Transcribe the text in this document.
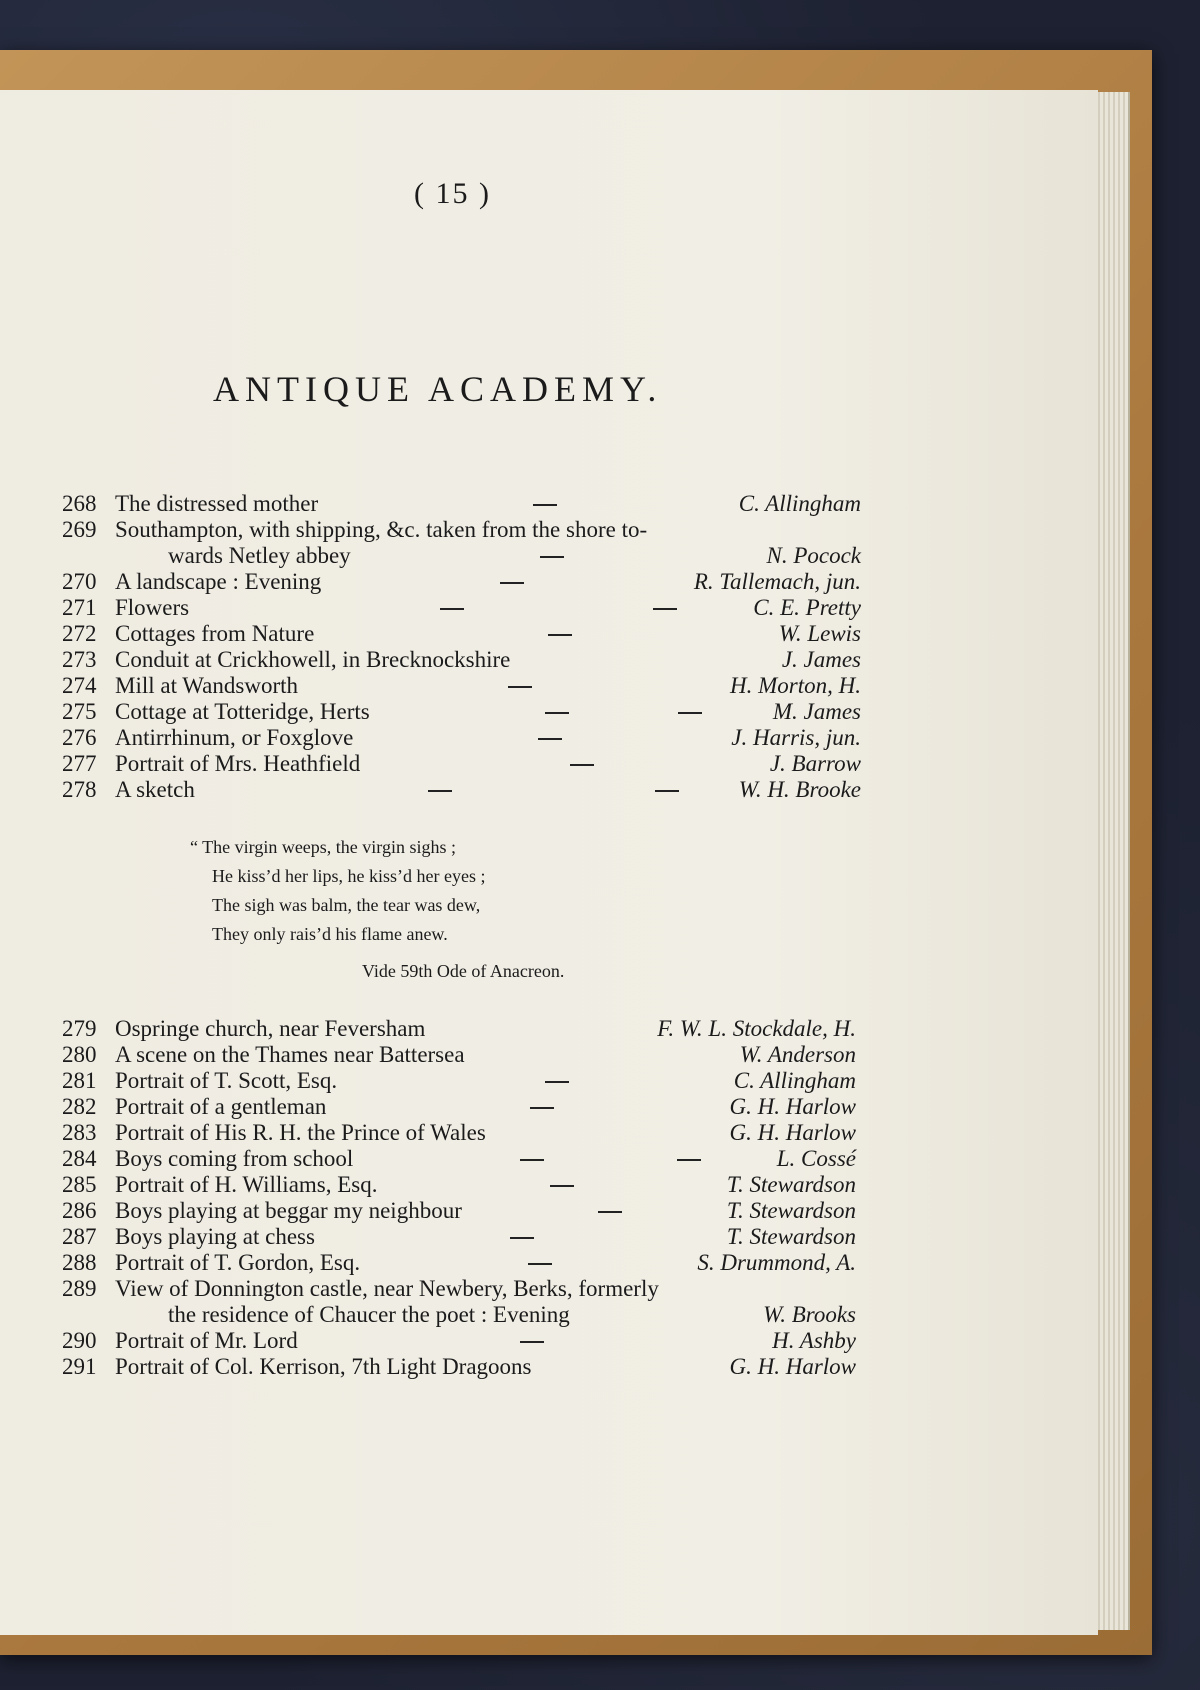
( 15 )
ANTIQUE ACADEMY.
268 The distressed mother	C. Allingham
269 Southampton, with shipping, &c. taken from the shore to-
wards Netley abbey	N. Pocock
270 A landscape : Evening	R. Tallemach, jun.
271 Flowers	C. E. Pretty
272 Cottages from Nature	W. Lewis
273 Conduit at Crickhowell, in Brecknockshire	J. James
274 Mill at Wandsworth	H. Morton, H.
275 Cottage at Totteridge, Herts	M. James
276 Antirrhinum, or Foxglove	J. Harris, jun.
277 Portrait of Mrs. Heathfield	J. Barrow
278 A sketch	W. H. Brooke
“ The virgin weeps, the virgin sighs ;
He kiss’d her lips, he kiss’d her eyes ;
The sigh was balm, the tear was dew,
They only rais’d his flame anew.
Vide 59th Ode of Anacreon.
279 Ospringe church, near Feversham	F. W. L. Stockdale, H.
280 A scene on the Thames near Battersea	W. Anderson
281 Portrait of T. Scott, Esq.	C. Allingham
282 Portrait of a gentleman	G. H. Harlow
283 Portrait of His R. H. the Prince of Wales	G. H. Harlow
284 Boys coming from school	L. Cossé
285 Portrait of H. Williams, Esq.	T. Stewardson
286 Boys playing at beggar my neighbour	T. Stewardson
287 Boys playing at chess	T. Stewardson
288 Portrait of T. Gordon, Esq.	S. Drummond, A.
289 View of Donnington castle, near Newbery, Berks, formerly
the residence of Chaucer the poet : Evening	W. Brooks
290 Portrait of Mr. Lord	H. Ashby
291 Portrait of Col. Kerrison, 7th Light Dragoons	G. H. Harlow
